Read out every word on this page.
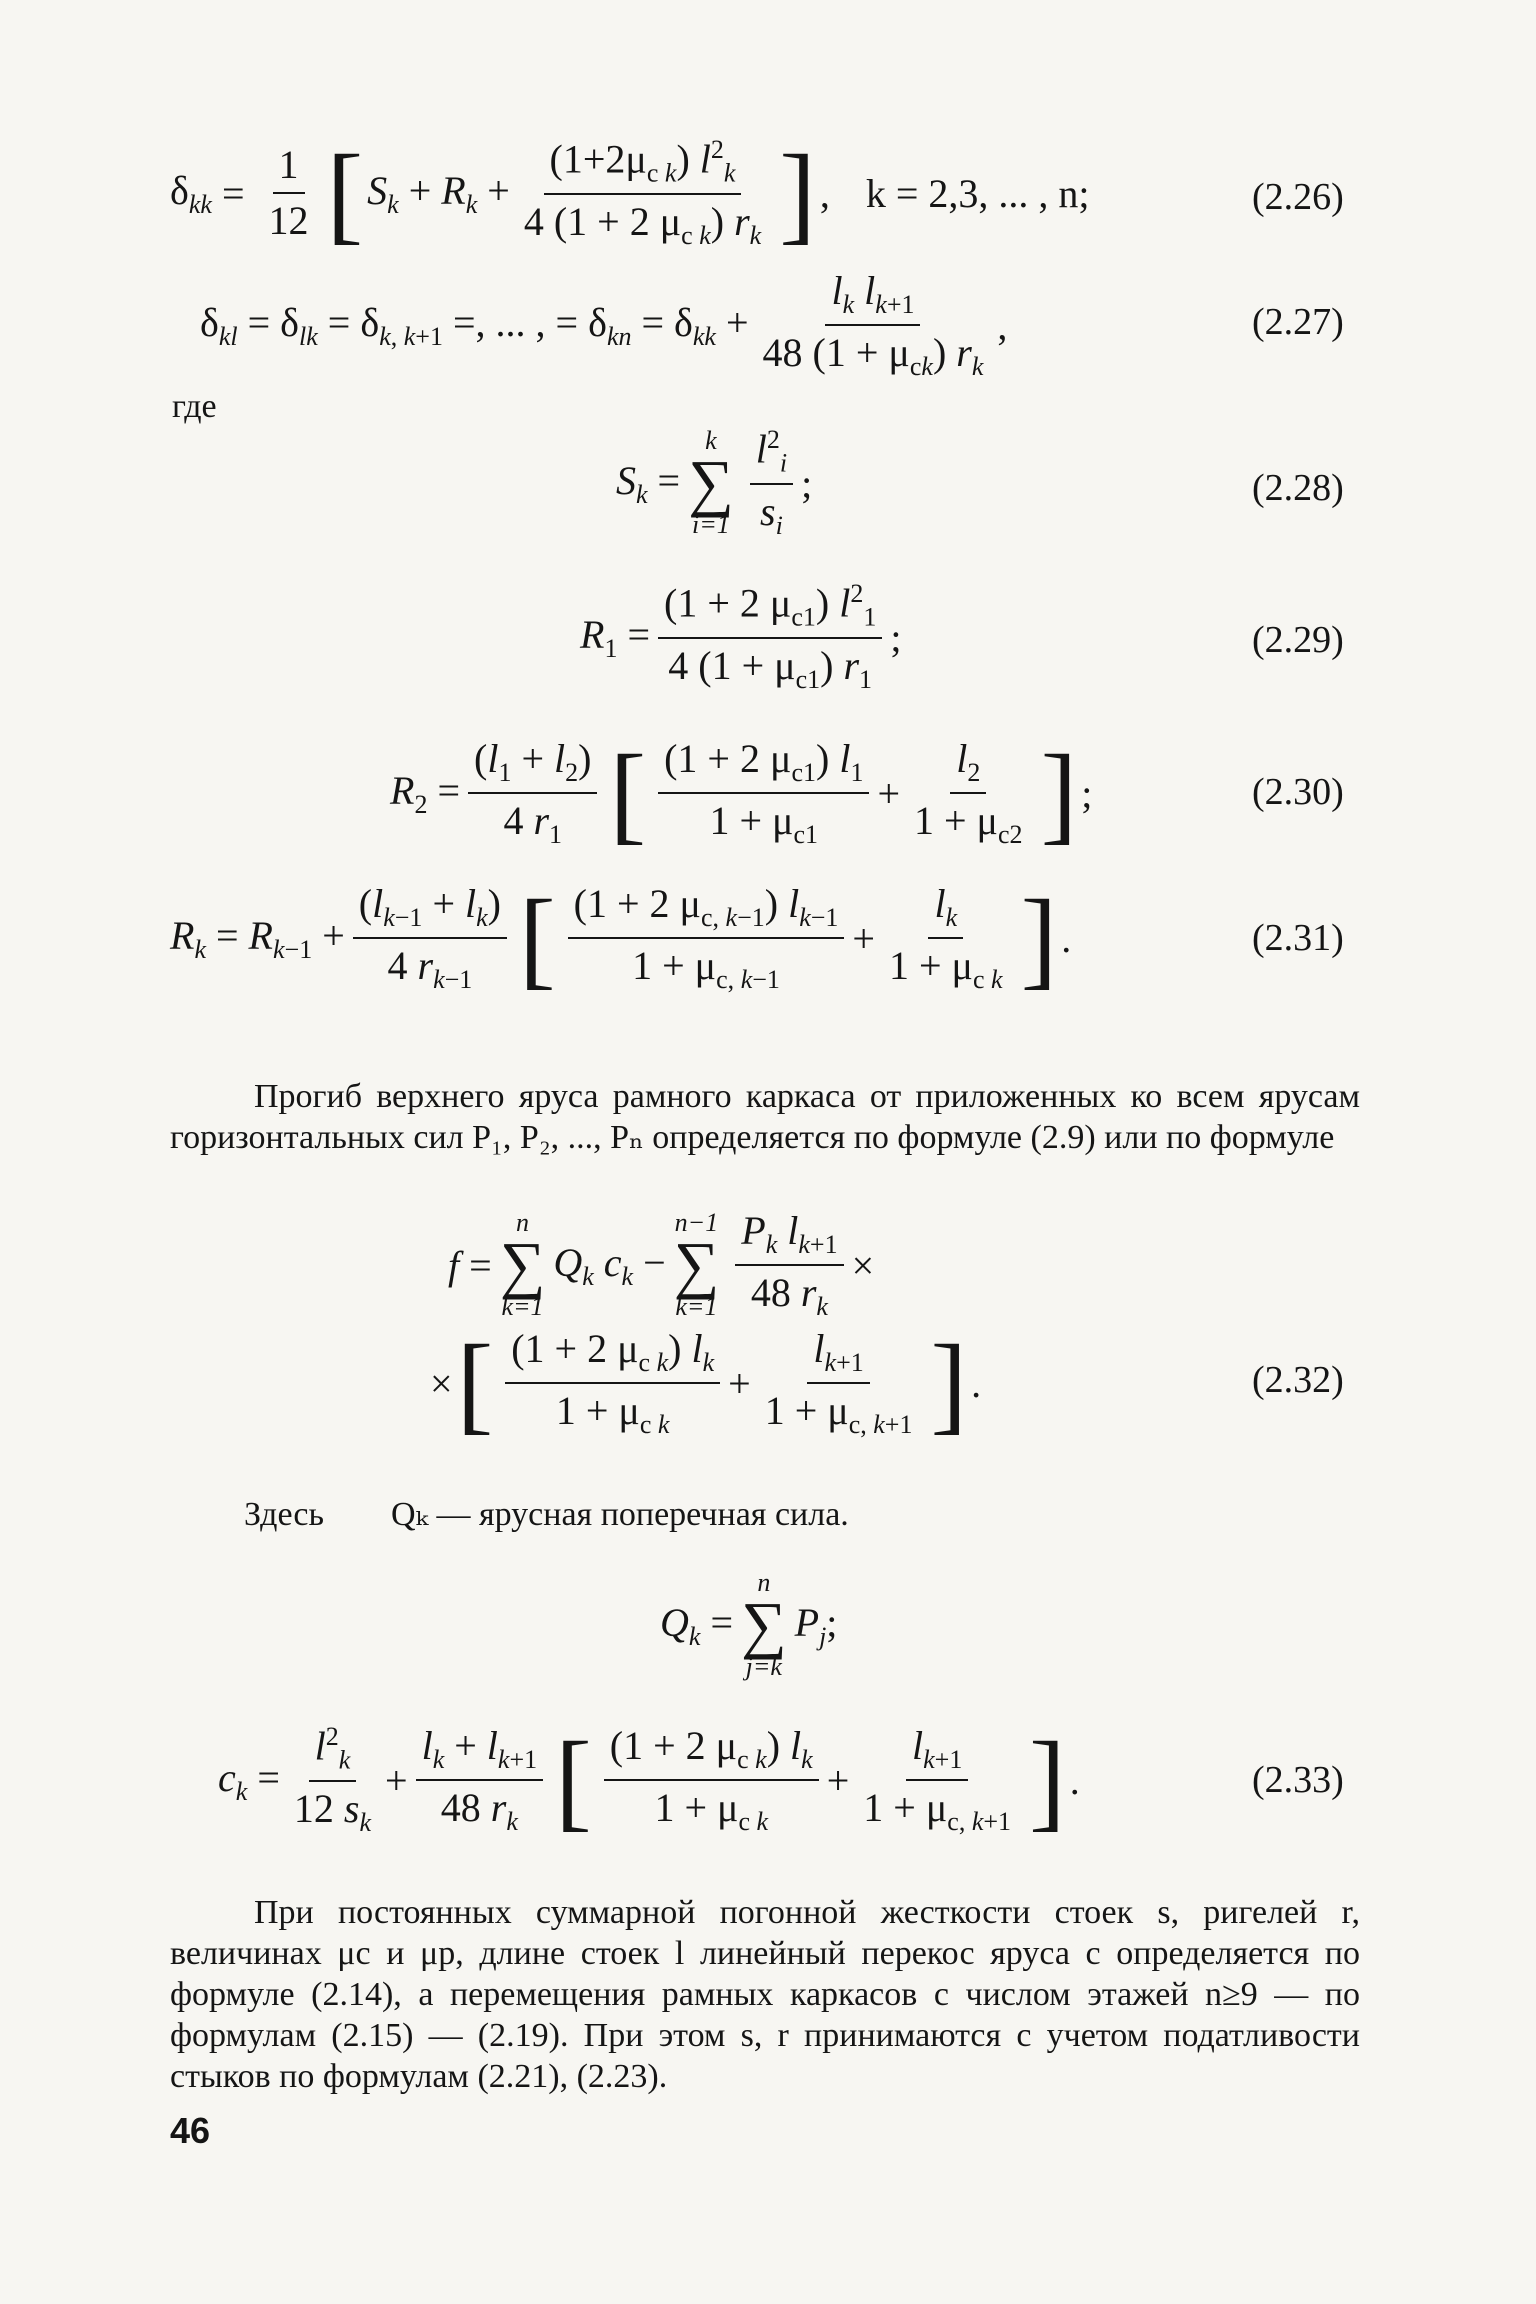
$\delta_{kk} = \frac{1}{12}$ [ $S_k + R_k + \frac{(1+2\mu_{c k}) l^2_k}{4 (1 + 2 \mu_{c k}) r_k}$ ] , k = 2,3, ... , n;	(2.26)
$\delta_{kl} = \delta_{lk} = \delta_{k, k+1}$ =, ... , = $\delta_{kn} = \delta_{kk} + \frac{l_k l_{k+1}}{48 (1 + \mu_{ck}) r_k}$ ,	(2.27)
где
$S_k$ =
k
∑
$i=1 \frac{l^2_i}{s_i}$ ;	(2.28)
$R_1 = \frac{(1 + 2 \mu_{c1}) l^2_1}{4 (1 + \mu_{c1}) r_1}$ ;	(2.29)
$R_2 = \frac{(l_1 + l_2)}{4 r_1}$ [ $\frac{(1 + 2 \mu_{c1}) l_1}{1 + \mu_{c1}} + \frac{l_2}{1 + \mu_{c2}}$ ] ;	(2.30)
$R_k = R_{k-1} + \frac{(l_{k-1} + l_k)}{4 r_{k-1}}$ [ $\frac{(1 + 2 \mu_{c, k-1}) l_{k-1}}{1 + \mu_{c, k-1}} + \frac{l_k}{1 + \mu_{c k}}$ ] .	(2.31)

Прогиб верхнего яруса рамного каркаса от приложенных ко всем ярусам горизонтальных сил P₁, P₂, ..., Pₙ определяется по формуле (2.9) или по формуле

f =
n
∑
k=1
$Q_k$ $c_k$ −
n−1
∑
$k=1 \frac{P_k l_{k+1}}{48 r_k}$ ×
× [ $\frac{(1 + 2 \mu_{c k}) l_k}{1 + \mu_{c k}} + \frac{l_{k+1}}{1 + \mu_{c, k+1}}$ ] .	(2.32)
Здесь Qₖ — ярусная поперечная сила.
$Q_k$ =
n
∑
j=k
$P_j$;
$c_k = \frac{l^2_k}{12 s_k} + \frac{l_k + l_{k+1}}{48 r_k}$ [ $\frac{(1 + 2 \mu_{c k}) l_k}{1 + \mu_{c k}} + \frac{l_{k+1}}{1 + \mu_{c, k+1}}$ ] .	(2.33)

При постоянных суммарной погонной жесткости стоек s, ригелей r, величинах μc и μp, длине стоек l линейный перекос яруса c определяется по формуле (2.14), а перемещения рамных каркасов с числом этажей n≥9 — по формулам (2.15) — (2.19). При этом s, r принимаются с учетом податливости стыков по формулам (2.21), (2.23).

46
